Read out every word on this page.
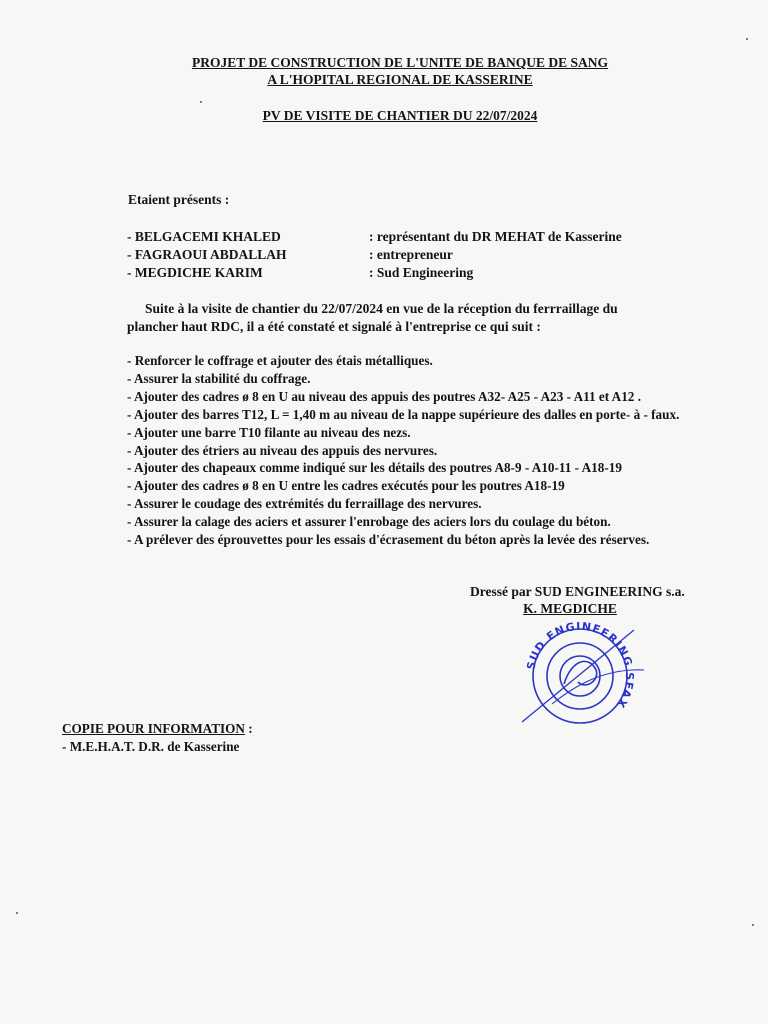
PROJET DE CONSTRUCTION DE L'UNITE DE BANQUE DE SANG
A L'HOPITAL REGIONAL DE KASSERINE
PV DE VISITE DE CHANTIER DU 22/07/2024
Etaient présents :
- BELGACEMI KHALED	: représentant du DR MEHAT de Kasserine
- FAGRAOUI ABDALLAH	: entrepreneur
- MEGDICHE KARIM	: Sud Engineering
Suite à la visite de chantier du 22/07/2024 en vue de la réception du ferrraillage du plancher haut RDC, il a été constaté et signalé à l'entreprise ce qui suit :
- Renforcer le coffrage et ajouter des étais métalliques.
- Assurer la stabilité du coffrage.
- Ajouter des cadres ø 8 en U au niveau des appuis des poutres A32- A25 - A23 - A11 et A12 .
- Ajouter des barres T12, L = 1,40 m au niveau de la nappe supérieure des dalles en porte- à - faux.
- Ajouter une barre T10 filante au niveau des nezs.
- Ajouter des étriers au niveau des appuis des nervures.
- Ajouter des chapeaux comme indiqué sur les détails des poutres A8-9 - A10-11 - A18-19
- Ajouter des cadres ø 8 en U entre les cadres exécutés pour les poutres A18-19
- Assurer le coudage des extrémités du ferraillage des nervures.
- Assurer la calage des aciers et assurer l'enrobage des aciers lors du coulage du béton.
- A prélever des éprouvettes pour les essais d'écrasement du béton après la levée des réserves.
Dressé par SUD ENGINEERING s.a.
K. MEGDICHE
SUD ENGINEERING SFAX
COPIE POUR INFORMATION :
- M.E.H.A.T. D.R. de Kasserine
